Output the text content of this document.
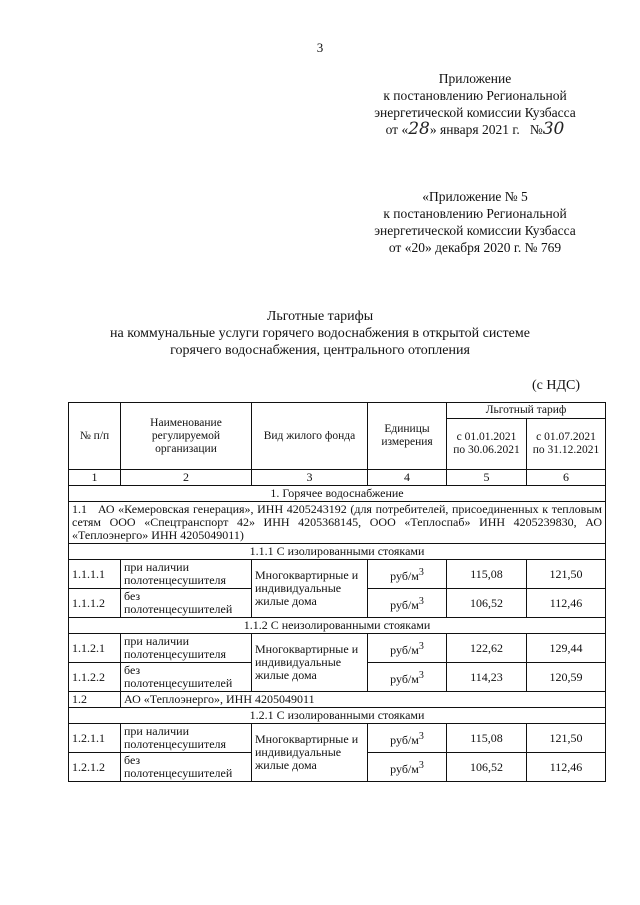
3
Приложение
к постановлению Региональной
энергетической комиссии Кузбасса
от «28» января 2021 г. №30
«Приложение № 5
к постановлению Региональной
энергетической комиссии Кузбасса
от «20» декабря 2020 г. № 769
Льготные тарифы
на коммунальные услуги горячего водоснабжения в открытой системе
горячего водоснабжения, центрального отопления
(с НДС)
№ п/п	Наименование регулируемой организации	Вид жилого фонда	Единицы измерения	Льготный тариф	
				с 01.01.2021 по 30.06.2021	с 01.07.2021 по 31.12.2021
1	2	3	4	5	6
1. Горячее водоснабжение					
1.1 АО «Кемеровская генерация», ИНН 4205243192 (для потребителей, присоединенных к тепловым сетям ООО «Спецтранспорт 42» ИНН 4205368145, ООО «Теплоспаб» ИНН 4205239830, АО «Теплоэнерго» ИНН 4205049011)					
1.1.1 С изолированными стояками					
1.1.1.1	при наличии полотенцесушителя	Многоквартирные и индивидуальные жилые дома	руб/$м^3$	115,08	121,50
1.1.1.2	без полотенцесушителей		руб/$м^3$	106,52	112,46
1.1.2 С неизолированными стояками					
1.1.2.1	при наличии полотенцесушителя	Многоквартирные и индивидуальные жилые дома	руб/$м^3$	122,62	129,44
1.1.2.2	без полотенцесушителей		руб/$м^3$	114,23	120,59
1.2	АО «Теплоэнерго», ИНН 4205049011				
1.2.1 С изолированными стояками					
1.2.1.1	при наличии полотенцесушителя	Многоквартирные и индивидуальные жилые дома	руб/$м^3$	115,08	121,50
1.2.1.2	без полотенцесушителей		руб/$м^3$	106,52	112,46
